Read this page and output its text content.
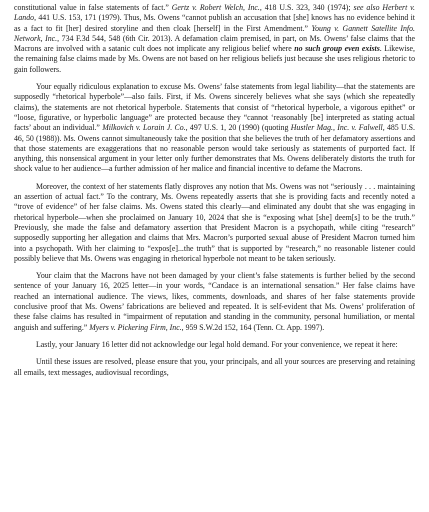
constitutional value in false statements of fact.” Gertz v. Robert Welch, Inc., 418 U.S. 323, 340 (1974); see also Herbert v. Lando, 441 U.S. 153, 171 (1979). Thus, Ms. Owens “cannot publish an accusation that [she] knows has no evidence behind it as a fact to fit [her] desired storyline and then cloak [herself] in the First Amendment.” Young v. Gannett Satellite Info. Network, Inc., 734 F.3d 544, 548 (6th Cir. 2013). A defamation claim premised, in part, on Ms. Owens’ false claims that the Macrons are involved with a satanic cult does not implicate any religious belief where no such group even exists. Likewise, the remaining false claims made by Ms. Owens are not based on her religious beliefs just because she uses religious rhetoric to gain followers.

Your equally ridiculous explanation to excuse Ms. Owens’ false statements from legal liability—that the statements are supposedly “rhetorical hyperbole”—also fails. First, if Ms. Owens sincerely believes what she says (which she repeatedly claims), the statements are not rhetorical hyperbole. Statements that consist of “rhetorical hyperbole, a vigorous epithet” or “loose, figurative, or hyperbolic language” are protected because they “cannot ‘reasonably [be] interpreted as stating actual facts’ about an individual.” Milkovich v. Lorain J. Co., 497 U.S. 1, 20 (1990) (quoting Hustler Mag., Inc. v. Falwell, 485 U.S. 46, 50 (1988)). Ms. Owens cannot simultaneously take the position that she believes the truth of her defamatory assertions and that those statements are exaggerations that no reasonable person would take seriously as statements of purported fact. If anything, this nonsensical argument in your letter only further demonstrates that Ms. Owens deliberately distorts the truth for shock value to her audience—a further admission of her malice and financial incentive to defame the Macrons.

Moreover, the context of her statements flatly disproves any notion that Ms. Owens was not “seriously . . . maintaining an assertion of actual fact.” To the contrary, Ms. Owens repeatedly asserts that she is providing facts and recently noted a “trove of evidence” of her false claims. Ms. Owens stated this clearly—and eliminated any doubt that she was engaging in rhetorical hyperbole—when she proclaimed on January 10, 2024 that she is “exposing what [she] deem[s] to be the truth.” Previously, she made the false and defamatory assertion that President Macron is a psychopath, while citing “research” supposedly supporting her allegation and claims that Mrs. Macron’s purported sexual abuse of President Macron turned him into a psychopath. With her claiming to “expos[e]...the truth” that is supported by “research,” no reasonable listener could possibly believe that Ms. Owens was engaging in rhetorical hyperbole not meant to be taken seriously.

Your claim that the Macrons have not been damaged by your client’s false statements is further belied by the second sentence of your January 16, 2025 letter—in your words, “Candace is an international sensation.” Her false claims have reached an international audience. The views, likes, comments, downloads, and shares of her false statements provide conclusive proof that Ms. Owens’ fabrications are believed and repeated. It is self-evident that Ms. Owens’ proliferation of these false claims has resulted in “impairment of reputation and standing in the community, personal humiliation, or mental anguish and suffering.” Myers v. Pickering Firm, Inc., 959 S.W.2d 152, 164 (Tenn. Ct. App. 1997).

Lastly, your January 16 letter did not acknowledge our legal hold demand. For your convenience, we repeat it here:

Until these issues are resolved, please ensure that you, your principals, and all your sources are preserving and retaining all emails, text messages, audiovisual recordings,
